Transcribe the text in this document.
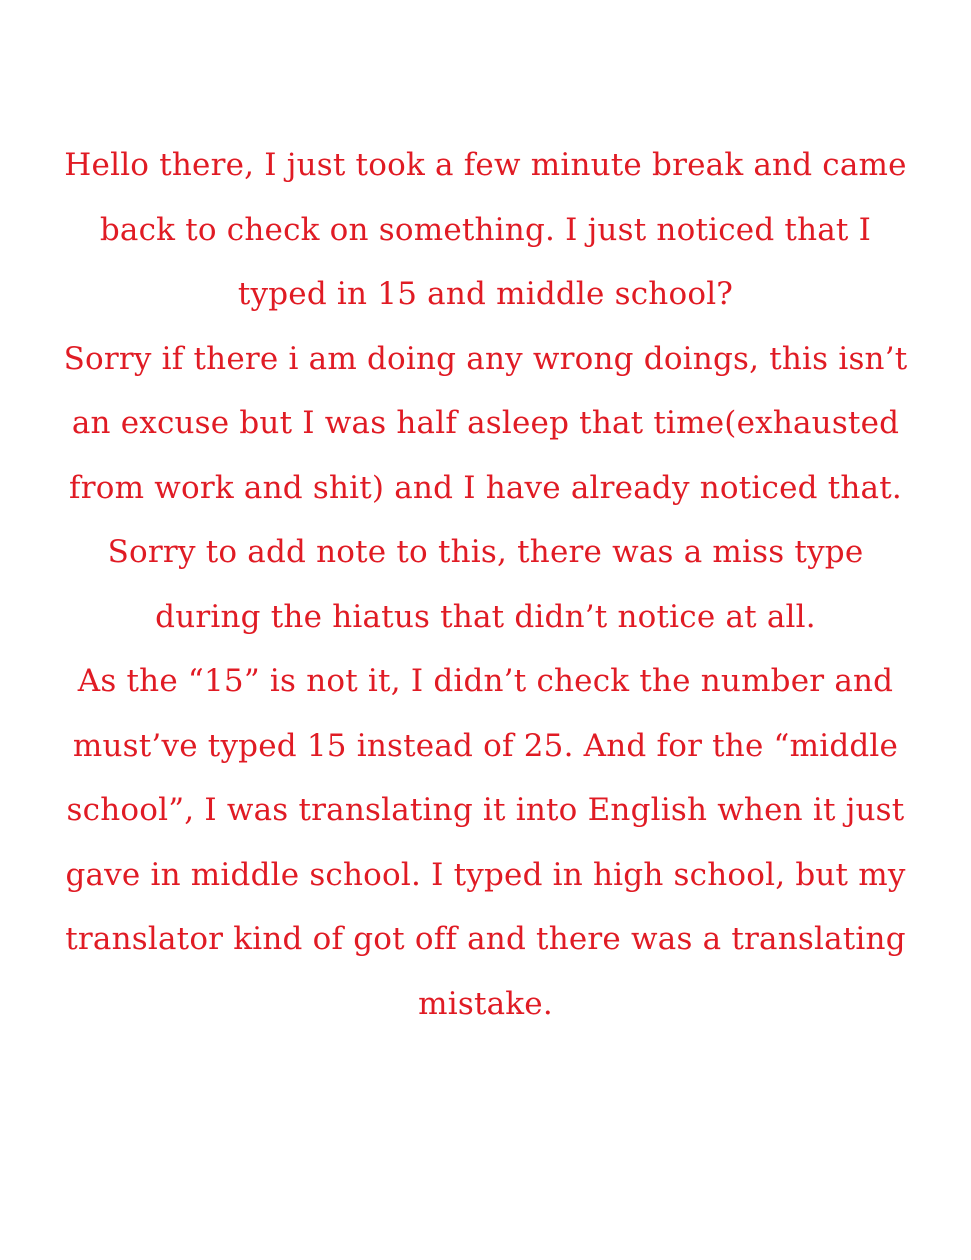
Hello there, I just took a few minute break and came
back to check on something. I just noticed that I
typed in 15 and middle school?
Sorry if there i am doing any wrong doings, this isn’t
an excuse but I was half asleep that time(exhausted
from work and shit) and I have already noticed that.
Sorry to add note to this, there was a miss type
during the hiatus that didn’t notice at all.
As the “15” is not it, I didn’t check the number and
must’ve typed 15 instead of 25. And for the “middle
school”, I was translating it into English when it just
gave in middle school. I typed in high school, but my
translator kind of got off and there was a translating
mistake.
